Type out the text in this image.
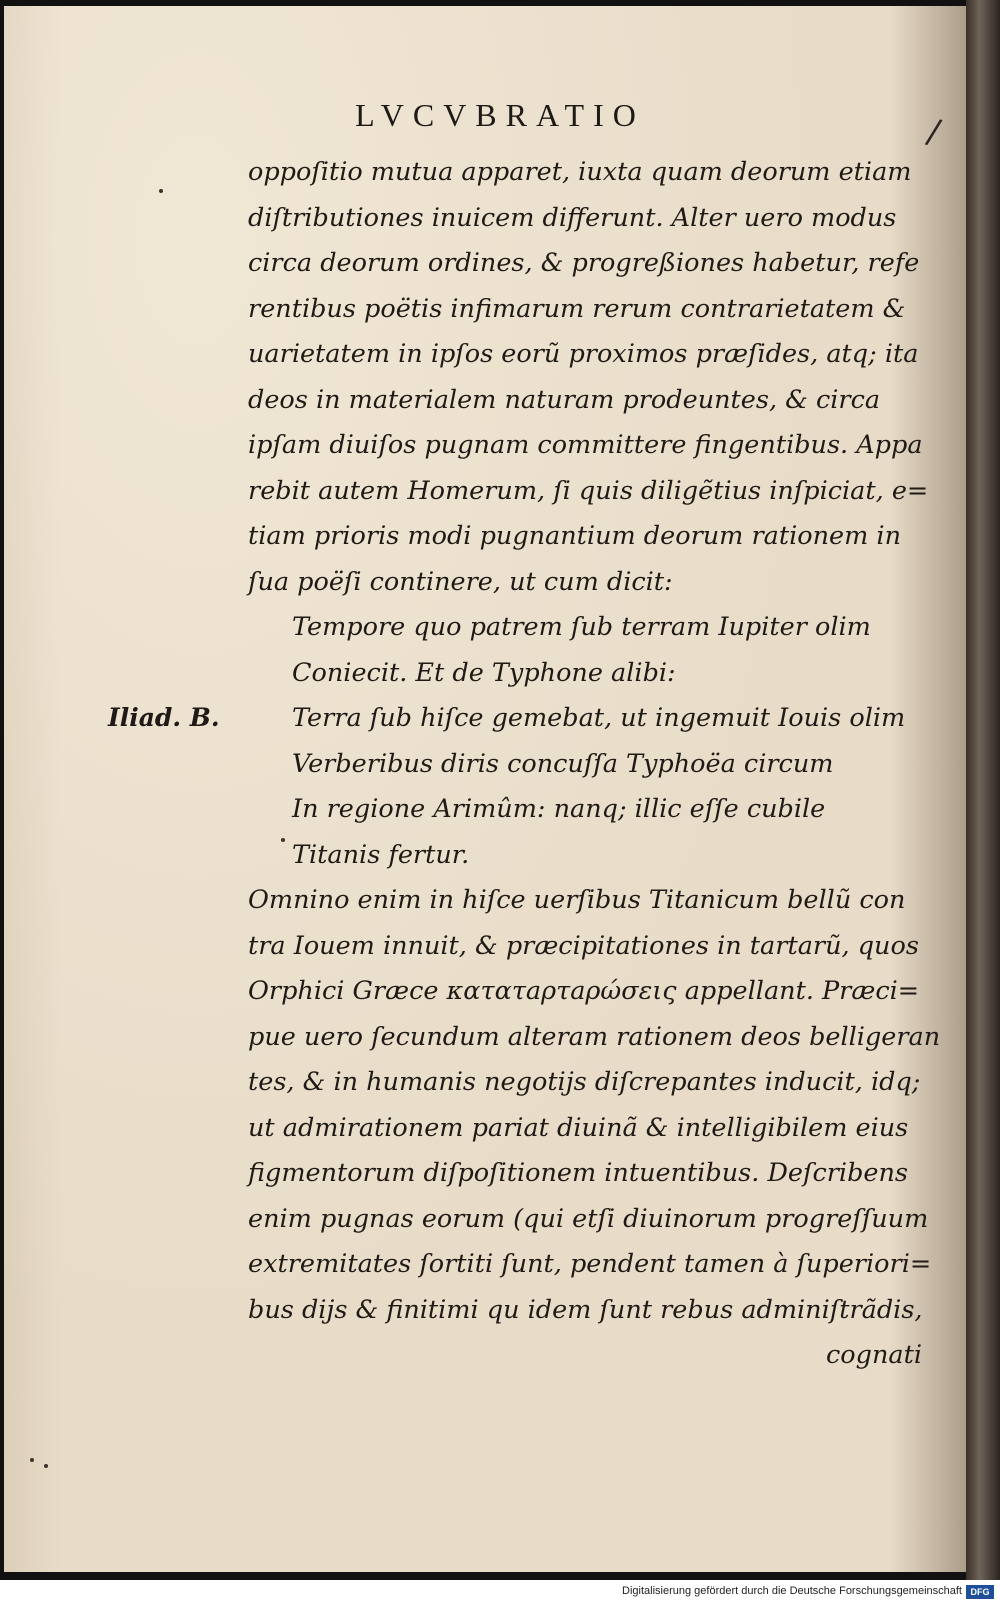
LVCVBRATIO	/
Iliad. B.
oppoſitio mutua apparet, iuxta quam deorum etiam
diſtributiones inuicem differunt. Alter uero modus
circa deorum ordines, & progreßiones habetur, refe
rentibus poëtis infimarum rerum contrarietatem &
uarietatem in ipſos eorũ proximos præſides, atq; ita
deos in materialem naturam prodeuntes, & circa
ipſam diuiſos pugnam committere fingentibus. Appa
rebit autem Homerum, ſi quis diligẽtius inſpiciat, e=
tiam prioris modi pugnantium deorum rationem in
ſua poëſi continere, ut cum dicit:
Tempore quo patrem ſub terram Iupiter olim
Coniecit. Et de Typhone alibi:
Terra ſub hiſce gemebat, ut ingemuit Iouis olim
Verberibus diris concuſſa Typhoëa circum
In regione Arimûm: nanq; illic eſſe cubile
Titanis fertur.
Omnino enim in hiſce uerſibus Titanicum bellũ con
tra Iouem innuit, & præcipitationes in tartarũ, quos
Orphici Græce κατατaρτaρώσεις appellant. Præci=
pue uero ſecundum alteram rationem deos belligeran
tes, & in humanis negotijs diſcrepantes inducit, idq;
ut admirationem pariat diuinã & intelligibilem eius
figmentorum diſpoſitionem intuentibus. Deſcribens
enim pugnas eorum (qui etſi diuinorum progreſſuum
extremitates ſortiti ſunt, pendent tamen à ſuperiori=
bus dijs & finitimi qu idem ſunt rebus adminiſtrãdis,
cognati
Digitalisierung gefördert durch die Deutsche Forschungsgemeinschaft DFG
